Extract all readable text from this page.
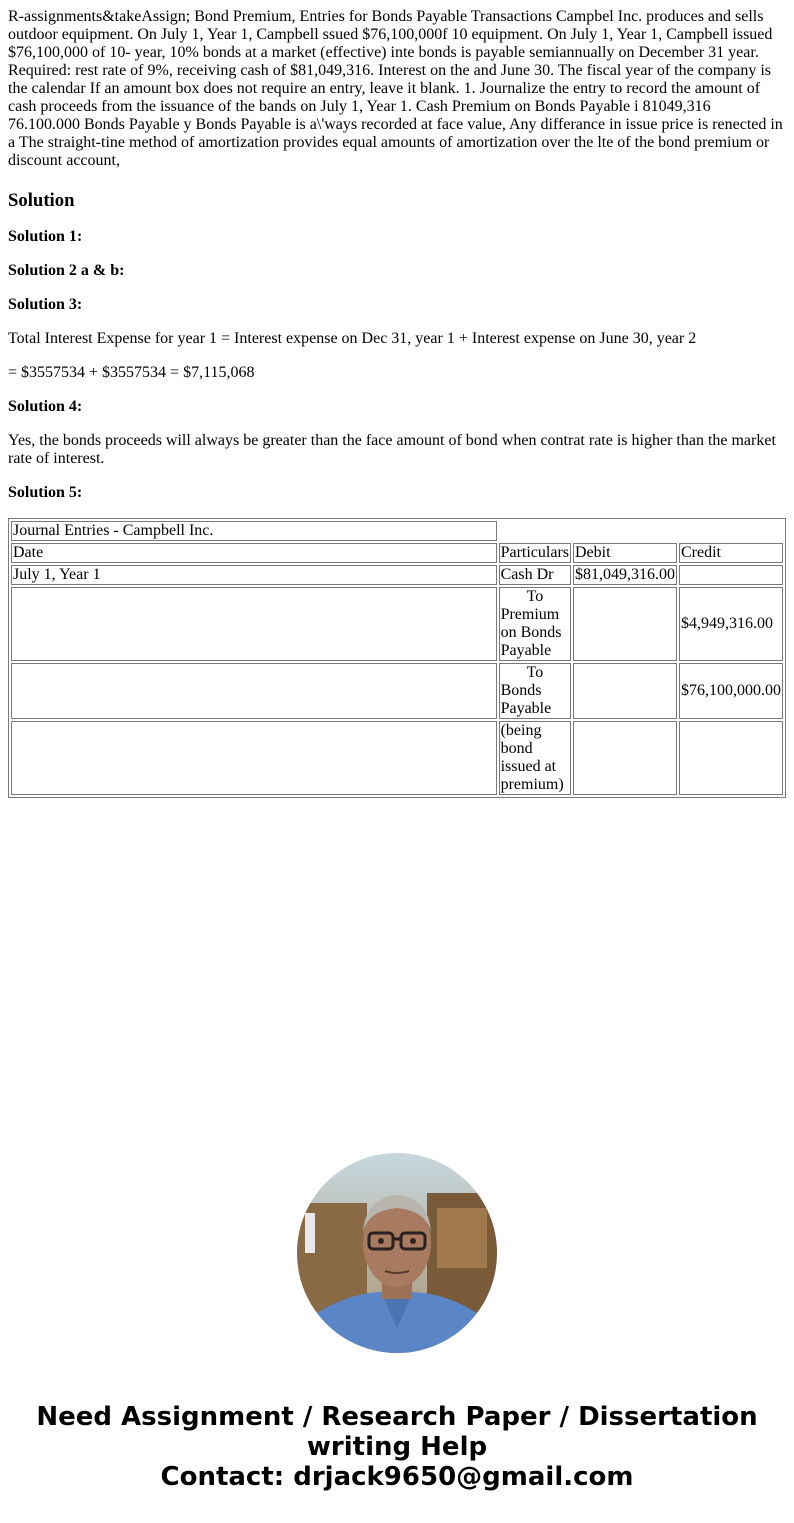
R-assignments&takeAssign; Bond Premium, Entries for Bonds Payable Transactions Campbel Inc. produces and sells outdoor equipment. On July 1, Year 1, Campbell ssued $76,100,000f 10 equipment. On July 1, Year 1, Campbell issued $76,100,000 of 10- year, 10% bonds at a market (effective) inte bonds is payable semiannually on December 31 year. Required: rest rate of 9%, receiving cash of $81,049,316. Interest on the and June 30. The fiscal year of the company is the calendar If an amount box does not require an entry, leave it blank. 1. Journalize the entry to record the amount of cash proceeds from the issuance of the bands on July 1, Year 1. Cash Premium on Bonds Payable i 81049,316 76.100.000 Bonds Payable y Bonds Payable is a\'ways recorded at face value, Any differance in issue price is renected in a The straight-tine method of amortization provides equal amounts of amortization over the lte of the bond premium or discount account,

Solution

Solution 1:

Solution 2 a & b:

Solution 3:

Total Interest Expense for year 1 = Interest expense on Dec 31, year 1 + Interest expense on June 30, year 2

= $3557534 + $3557534 = $7,115,068

Solution 4:

Yes, the bonds proceeds will always be greater than the face amount of bond when contrat rate is higher than the market rate of interest.

Solution 5:

Journal Entries - Campbell Inc.			
Date	Particulars	Debit	Credit
July 1, Year 1	Cash Dr	$81,049,316.00	
	To Premium on Bonds Payable		$4,949,316.00
	To Bonds Payable		$76,100,000.00
	(being bond issued at premium)		
Need Assignment / Research Paper / Dissertation writing Help
Contact: drjack9650@gmail.com
